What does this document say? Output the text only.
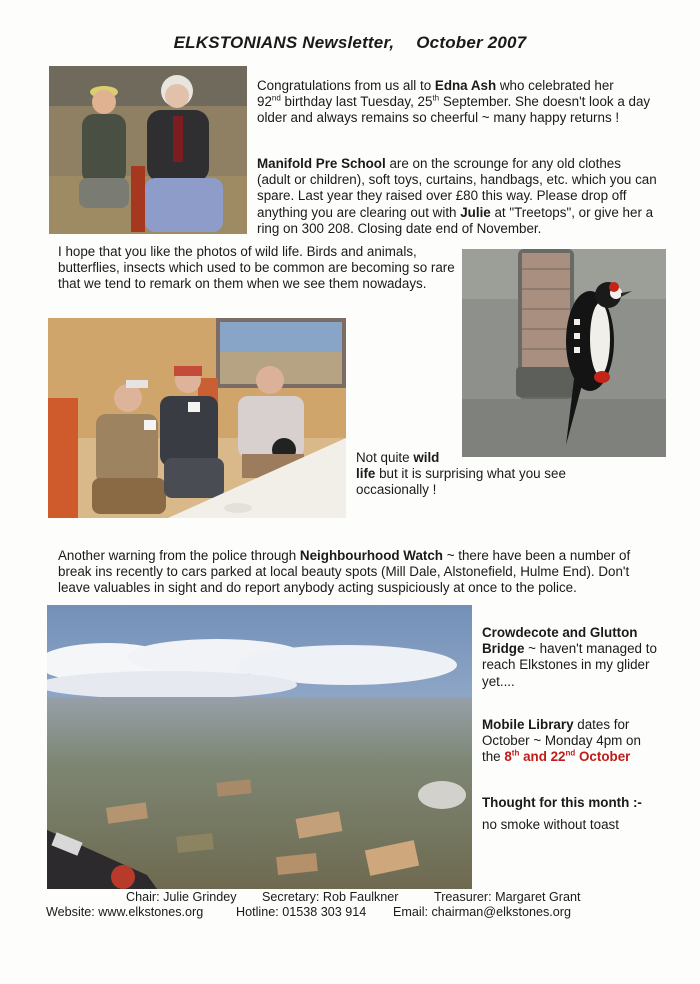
ELKSTONIANS Newsletter, October 2007

Congratulations from us all to Edna Ash who celebrated her
92nd birthday last Tuesday, 25th September. She doesn't look a day older and always remains so cheerful ~ many happy returns !

Manifold Pre School are on the scrounge for any old clothes (adult or children), soft toys, curtains, handbags, etc. which you can spare. Last year they raised over £80 this way. Please drop off anything you are clearing out with Julie at "Treetops", or give her a ring on 300 208. Closing date end of November.

I hope that you like the photos of wild life. Birds and animals, butterflies, insects which used to be common are becoming so rare that we tend to remark on them when we see them nowadays.

Not quite wild
life but it is surprising what you see occasionally !

Another warning from the police through Neighbourhood Watch ~ there have been a number of break ins recently to cars parked at local beauty spots (Mill Dale, Alstonefield, Hulme End). Don't leave valuables in sight and do report anybody acting suspiciously at once to the police.

Crowdecote and Glutton Bridge ~ haven't managed to reach Elkstones in my glider yet....

Mobile Library dates for October ~ Monday 4pm on the 8th and 22nd October

Thought for this month :-

no smoke without toast

Chair: Julie Grindey Secretary: Rob Faulkner	Treasurer: Margaret Grant
Website: www.elkstones.org	Hotline: 01538 303 914 Email: chairman@elkstones.org
